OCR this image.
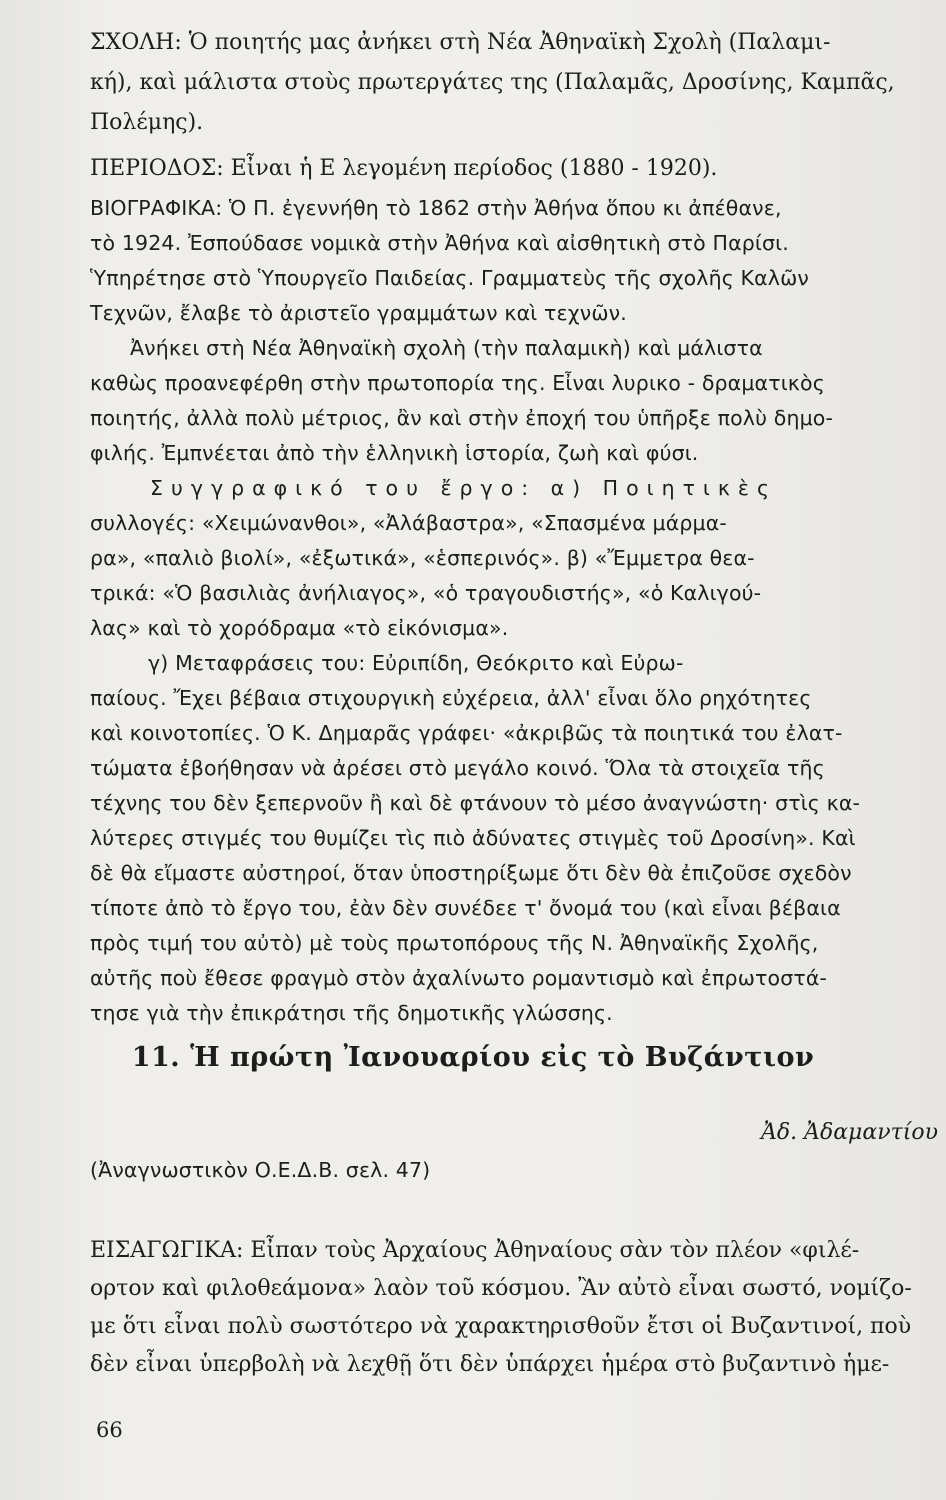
ΣΧΟΛΗ: Ὁ ποιητής μας ἀνήκει στὴ Νέα Ἀθηναϊκὴ Σχολὴ (Παλαμι-
κή), καὶ μάλιστα στοὺς πρωτεργάτες της (Παλαμᾶς, Δροσίνης, Καμπᾶς,
Πολέμης).
ΠΕΡΙΟΔΟΣ: Εἶναι ἡ Ε λεγομένη περίοδος (1880 - 1920).
ΒΙΟΓΡΑΦΙΚΑ: Ὁ Π. ἐγεννήθη τὸ 1862 στὴν Ἀθήνα ὅπου κι ἀπέθανε,
τὸ 1924. Ἐσπούδασε νομικὰ στὴν Ἀθήνα καὶ αἰσθητικὴ στὸ Παρίσι.
Ὑπηρέτησε στὸ Ὑπουργεῖο Παιδείας. Γραμματεὺς τῆς σχολῆς Καλῶν
Τεχνῶν, ἔλαβε τὸ ἀριστεῖο γραμμάτων καὶ τεχνῶν.
Ἀνήκει στὴ Νέα Ἀθηναϊκὴ σχολὴ (τὴν παλαμικὴ) καὶ μάλιστα
καθὼς προανεφέρθη στὴν πρωτοπορία της. Εἶναι λυρικο - δραματικὸς
ποιητής, ἀλλὰ πολὺ μέτριος, ἂν καὶ στὴν ἐποχή του ὑπῆρξε πολὺ δημο-
φιλής. Ἐμπνέεται ἀπὸ τὴν ἑλληνικὴ ἱστορία, ζωὴ καὶ φύσι.
Συγγραφικό του ἔργο: α) Ποιητικὲς
συλλογές: «Χειμώνανθοι», «Ἀλάβαστρα», «Σπασμένα μάρμα-
ρα», «παλιὸ βιολί», «ἐξωτικά», «ἑσπερινός». β) «Ἔμμετρα θεα-
τρικά: «Ὁ βασιλιὰς ἀνήλιαγος», «ὁ τραγουδιστής», «ὁ Καλιγού-
λας» καὶ τὸ χορόδραμα «τὸ εἰκόνισμα».
γ) Μεταφράσεις του: Εὐριπίδη, Θεόκριτο καὶ Εὐρω-
παίους. Ἔχει βέβαια στιχουργικὴ εὐχέρεια, ἀλλ' εἶναι ὅλο ρηχότητες
καὶ κοινοτοπίες. Ὁ Κ. Δημαρᾶς γράφει· «ἀκριβῶς τὰ ποιητικά του ἐλατ-
τώματα ἐβοήθησαν νὰ ἀρέσει στὸ μεγάλο κοινό. Ὅλα τὰ στοιχεῖα τῆς
τέχνης του δὲν ξεπερνοῦν ἢ καὶ δὲ φτάνουν τὸ μέσο ἀναγνώστη· στὶς κα-
λύτερες στιγμές του θυμίζει τὶς πιὸ ἀδύνατες στιγμὲς τοῦ Δροσίνη». Καὶ
δὲ θὰ εἴμαστε αὐστηροί, ὅταν ὑποστηρίξωμε ὅτι δὲν θὰ ἐπιζοῦσε σχεδὸν
τίποτε ἀπὸ τὸ ἔργο του, ἐὰν δὲν συνέδεε τ' ὄνομά του (καὶ εἶναι βέβαια
πρὸς τιμή του αὐτὸ) μὲ τοὺς πρωτοπόρους τῆς Ν. Ἀθηναϊκῆς Σχολῆς,
αὐτῆς ποὺ ἔθεσε φραγμὸ στὸν ἀχαλίνωτο ρομαντισμὸ καὶ ἐπρωτοστά-
τησε γιὰ τὴν ἐπικράτησι τῆς δημοτικῆς γλώσσης.
11. Ἡ πρώτη Ἰανουαρίου εἰς τὸ Βυζάντιον
Ἀδ. Ἀδαμαντίου
(Ἀναγνωστικὸν Ο.Ε.Δ.Β. σελ. 47)
ΕΙΣΑΓΩΓΙΚΑ: Εἶπαν τοὺς Ἀρχαίους Ἀθηναίους σὰν τὸν πλέον «φιλέ-
ορτον καὶ φιλοθεάμονα» λαὸν τοῦ κόσμου. Ἂν αὐτὸ εἶναι σωστό, νομίζο-
με ὅτι εἶναι πολὺ σωστότερο νὰ χαρακτηρισθοῦν ἔτσι οἱ Βυζαντινοί, ποὺ
δὲν εἶναι ὑπερβολὴ νὰ λεχθῇ ὅτι δὲν ὑπάρχει ἡμέρα στὸ βυζαντινὸ ἡμε-
66
